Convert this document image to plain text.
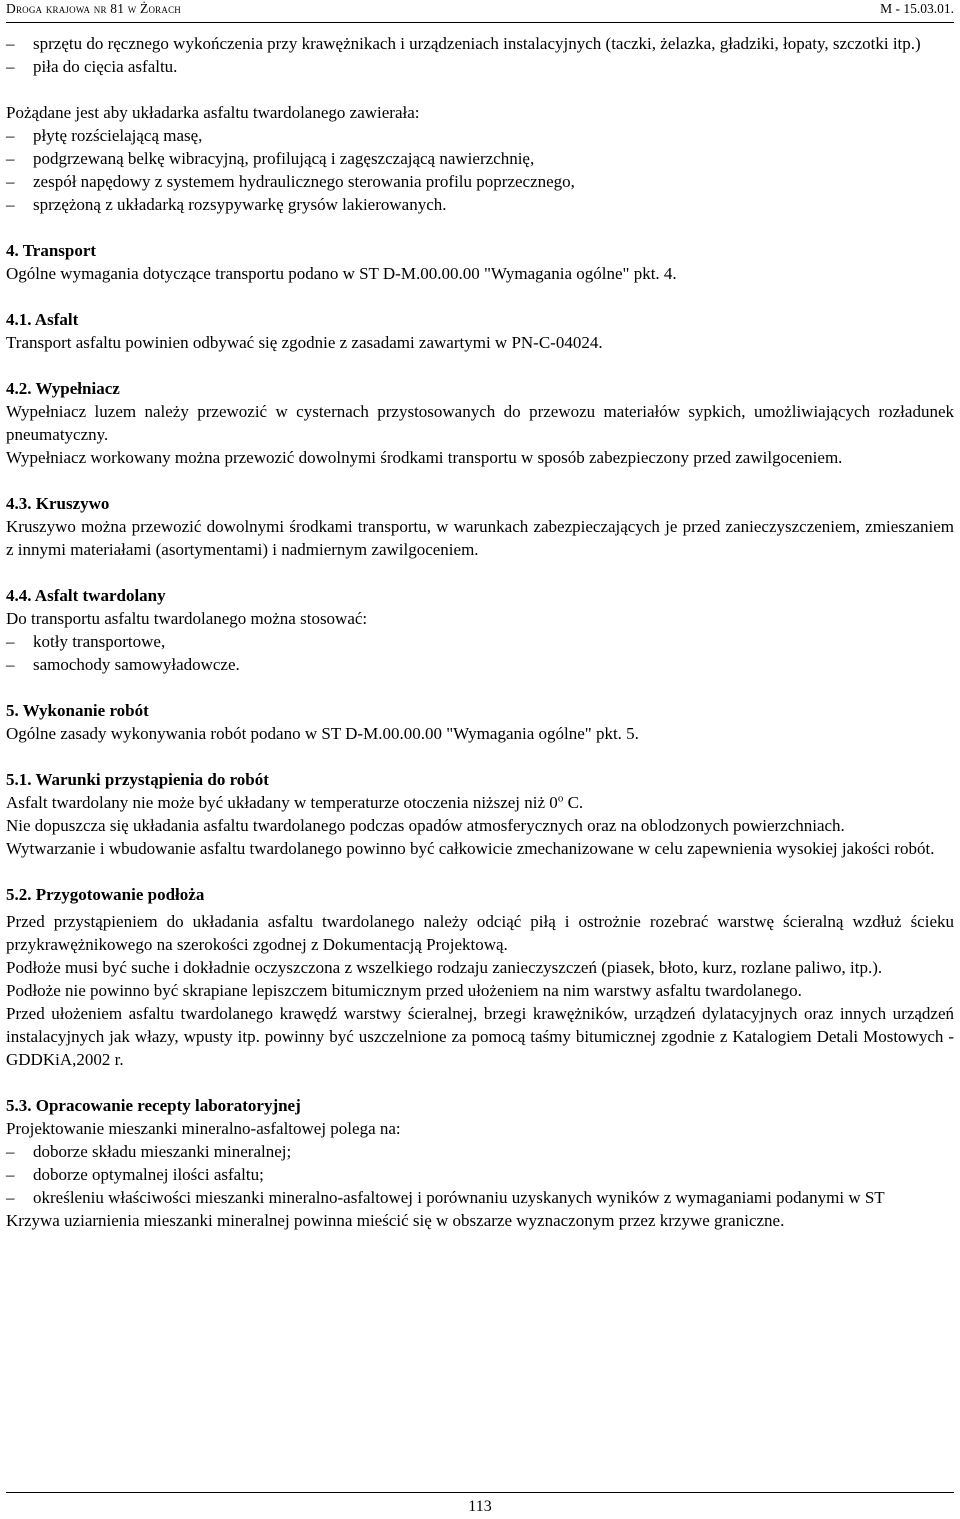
Droga krajowa nr 81 w Żorach	M - 15.03.01.
–	sprzętu do ręcznego wykończenia przy krawężnikach i urządzeniach instalacyjnych (taczki, żelazka, gładziki, łopaty, szczotki itp.)
–	piła do cięcia asfaltu.

Pożądane jest aby układarka asfaltu twardolanego zawierała:

–	płytę rozścielającą masę,
–	podgrzewaną belkę wibracyjną, profilującą i zagęszczającą nawierzchnię,
–	zespół napędowy z systemem hydraulicznego sterowania profilu poprzecznego,
–	sprzężoną z układarką rozsypywarkę grysów lakierowanych.
4. Transport

Ogólne wymagania dotyczące transportu podano w ST D-M.00.00.00 "Wymagania ogólne" pkt. 4.

4.1. Asfalt

Transport asfaltu powinien odbywać się zgodnie z zasadami zawartymi w PN-C-04024.

4.2. Wypełniacz

Wypełniacz luzem należy przewozić w cysternach przystosowanych do przewozu materiałów sypkich, umożliwiających rozładunek pneumatyczny.

Wypełniacz workowany można przewozić dowolnymi środkami transportu w sposób zabezpieczony przed zawilgoceniem.

4.3. Kruszywo

Kruszywo można przewozić dowolnymi środkami transportu, w warunkach zabezpieczających je przed zanieczyszczeniem, zmieszaniem z innymi materiałami (asortymentami) i nadmiernym zawilgoceniem.

4.4. Asfalt twardolany

Do transportu asfaltu twardolanego można stosować:

–	kotły transportowe,
–	samochody samowyładowcze.
5. Wykonanie robót

Ogólne zasady wykonywania robót podano w ST D-M.00.00.00 "Wymagania ogólne" pkt. 5.

5.1. Warunki przystąpienia do robót

Asfalt twardolany nie może być układany w temperaturze otoczenia niższej niż 0$^o$ C.

Nie dopuszcza się układania asfaltu twardolanego podczas opadów atmosferycznych oraz na oblodzonych powierzchniach.

Wytwarzanie i wbudowanie asfaltu twardolanego powinno być całkowicie zmechanizowane w celu zapewnienia wysokiej jakości robót.

5.2. Przygotowanie podłoża

Przed przystąpieniem do układania asfaltu twardolanego należy odciąć piłą i ostrożnie rozebrać warstwę ścieralną wzdłuż ścieku przykrawężnikowego na szerokości zgodnej z Dokumentacją Projektową.

Podłoże musi być suche i dokładnie oczyszczona z wszelkiego rodzaju zanieczyszczeń (piasek, błoto, kurz, rozlane paliwo, itp.).

Podłoże nie powinno być skrapiane lepiszczem bitumicznym przed ułożeniem na nim warstwy asfaltu twardolanego.

Przed ułożeniem asfaltu twardolanego krawędź warstwy ścieralnej, brzegi krawężników, urządzeń dylatacyjnych oraz innych urządzeń instalacyjnych jak włazy, wpusty itp. powinny być uszczelnione za pomocą taśmy bitumicznej zgodnie z Katalogiem Detali Mostowych - GDDKiA,2002 r.

5.3. Opracowanie recepty laboratoryjnej

Projektowanie mieszanki mineralno-asfaltowej polega na:

–	doborze składu mieszanki mineralnej;
–	doborze optymalnej ilości asfaltu;
–	określeniu właściwości mieszanki mineralno-asfaltowej i porównaniu uzyskanych wyników z wymaganiami podanymi w ST

Krzywa uziarnienia mieszanki mineralnej powinna mieścić się w obszarze wyznaczonym przez krzywe graniczne.

113
